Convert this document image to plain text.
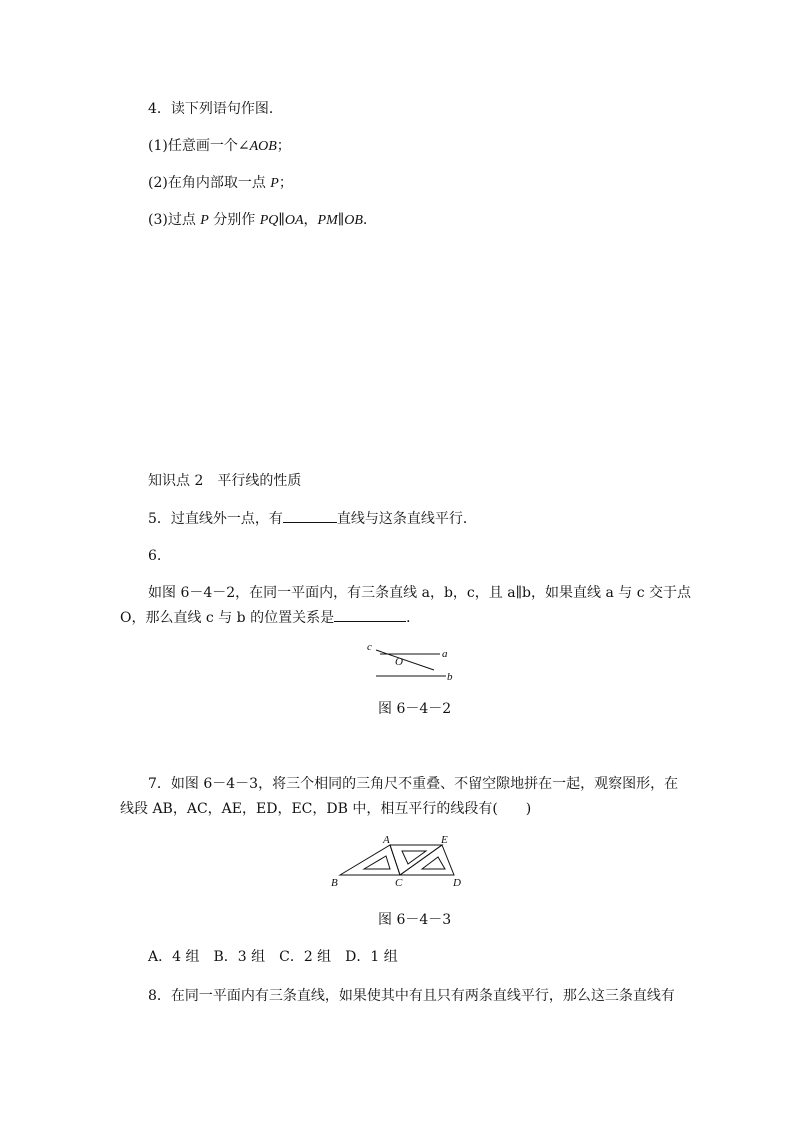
4．读下列语句作图．
(1)任意画一个∠AOB；
(2)在角内部取一点 P；
(3)过点 P 分别作 PQ∥OA，PM∥OB.
知识点 2　平行线的性质
5．过直线外一点，有	直线与这条直线平行．
6.
如图 6－4－2，在同一平面内，有三条直线 a，b，c，且 a∥b，如果直线 a 与 c 交于点
O，那么直线 c 与 b 的位置关系是	．
c
O
a
b
图 6－4－2
7．如图 6－4－3，将三个相同的三角尺不重叠、不留空隙地拼在一起，观察图形，在
线段 AB，AC，AE，ED，EC，DB 中，相互平行的线段有(　　)
A	E
B	C	D
图 6－4－3
A．4 组　B．3 组　C．2 组　D．1 组
8．在同一平面内有三条直线，如果使其中有且只有两条直线平行，那么这三条直线有
